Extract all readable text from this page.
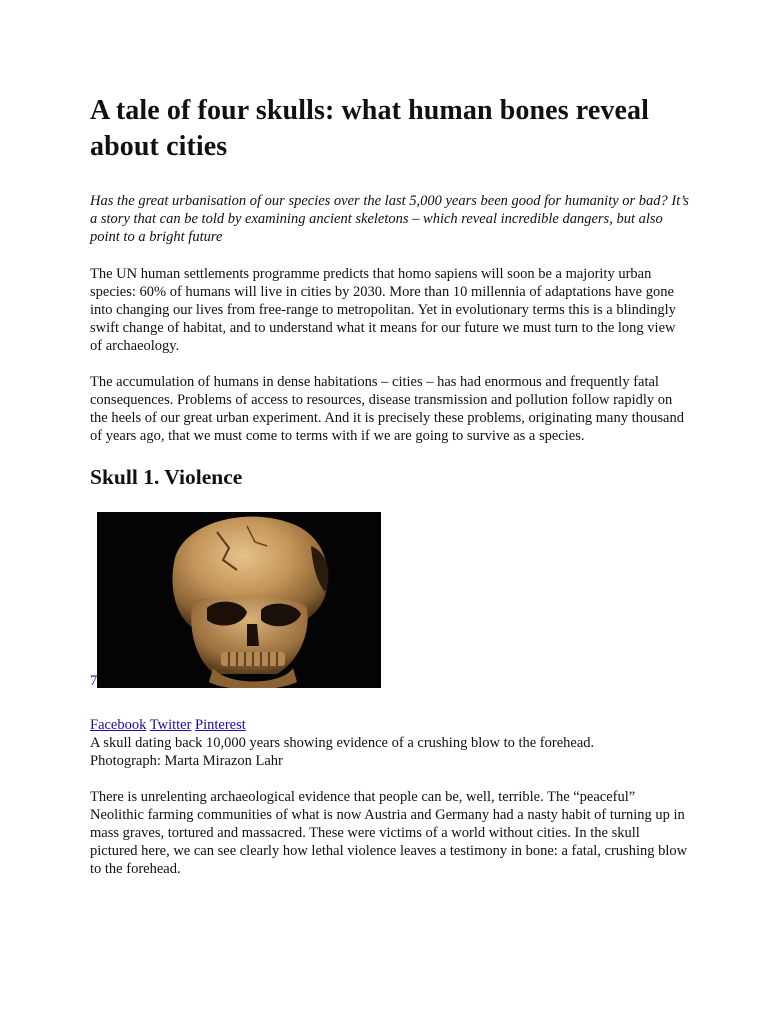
A tale of four skulls: what human bones reveal about cities

Has the great urbanisation of our species over the last 5,000 years been good for humanity or bad? It’s a story that can be told by examining ancient skeletons – which reveal incredible dangers, but also point to a bright future

The UN human settlements programme predicts that homo sapiens will soon be a majority urban species: 60% of humans will live in cities by 2030. More than 10 millennia of adaptations have gone into changing our lives from free-range to metropolitan. Yet in evolutionary terms this is a blindingly swift change of habitat, and to understand what it means for our future we must turn to the long view of archaeology.

The accumulation of humans in dense habitations – cities – has had enormous and frequently fatal consequences. Problems of access to resources, disease transmission and pollution follow rapidly on the heels of our great urban experiment. And it is precisely these problems, originating many thousand of years ago, that we must come to terms with if we are going to survive as a species.

Skull 1. Violence
7
Facebook Twitter Pinterest

A skull dating back 10,000 years showing evidence of a crushing blow to the forehead.
Photograph: Marta Mirazon Lahr

There is unrelenting archaeological evidence that people can be, well, terrible. The “peaceful” Neolithic farming communities of what is now Austria and Germany had a nasty habit of turning up in mass graves, tortured and massacred. These were victims of a world without cities. In the skull pictured here, we can see clearly how lethal violence leaves a testimony in bone: a fatal, crushing blow to the forehead.
